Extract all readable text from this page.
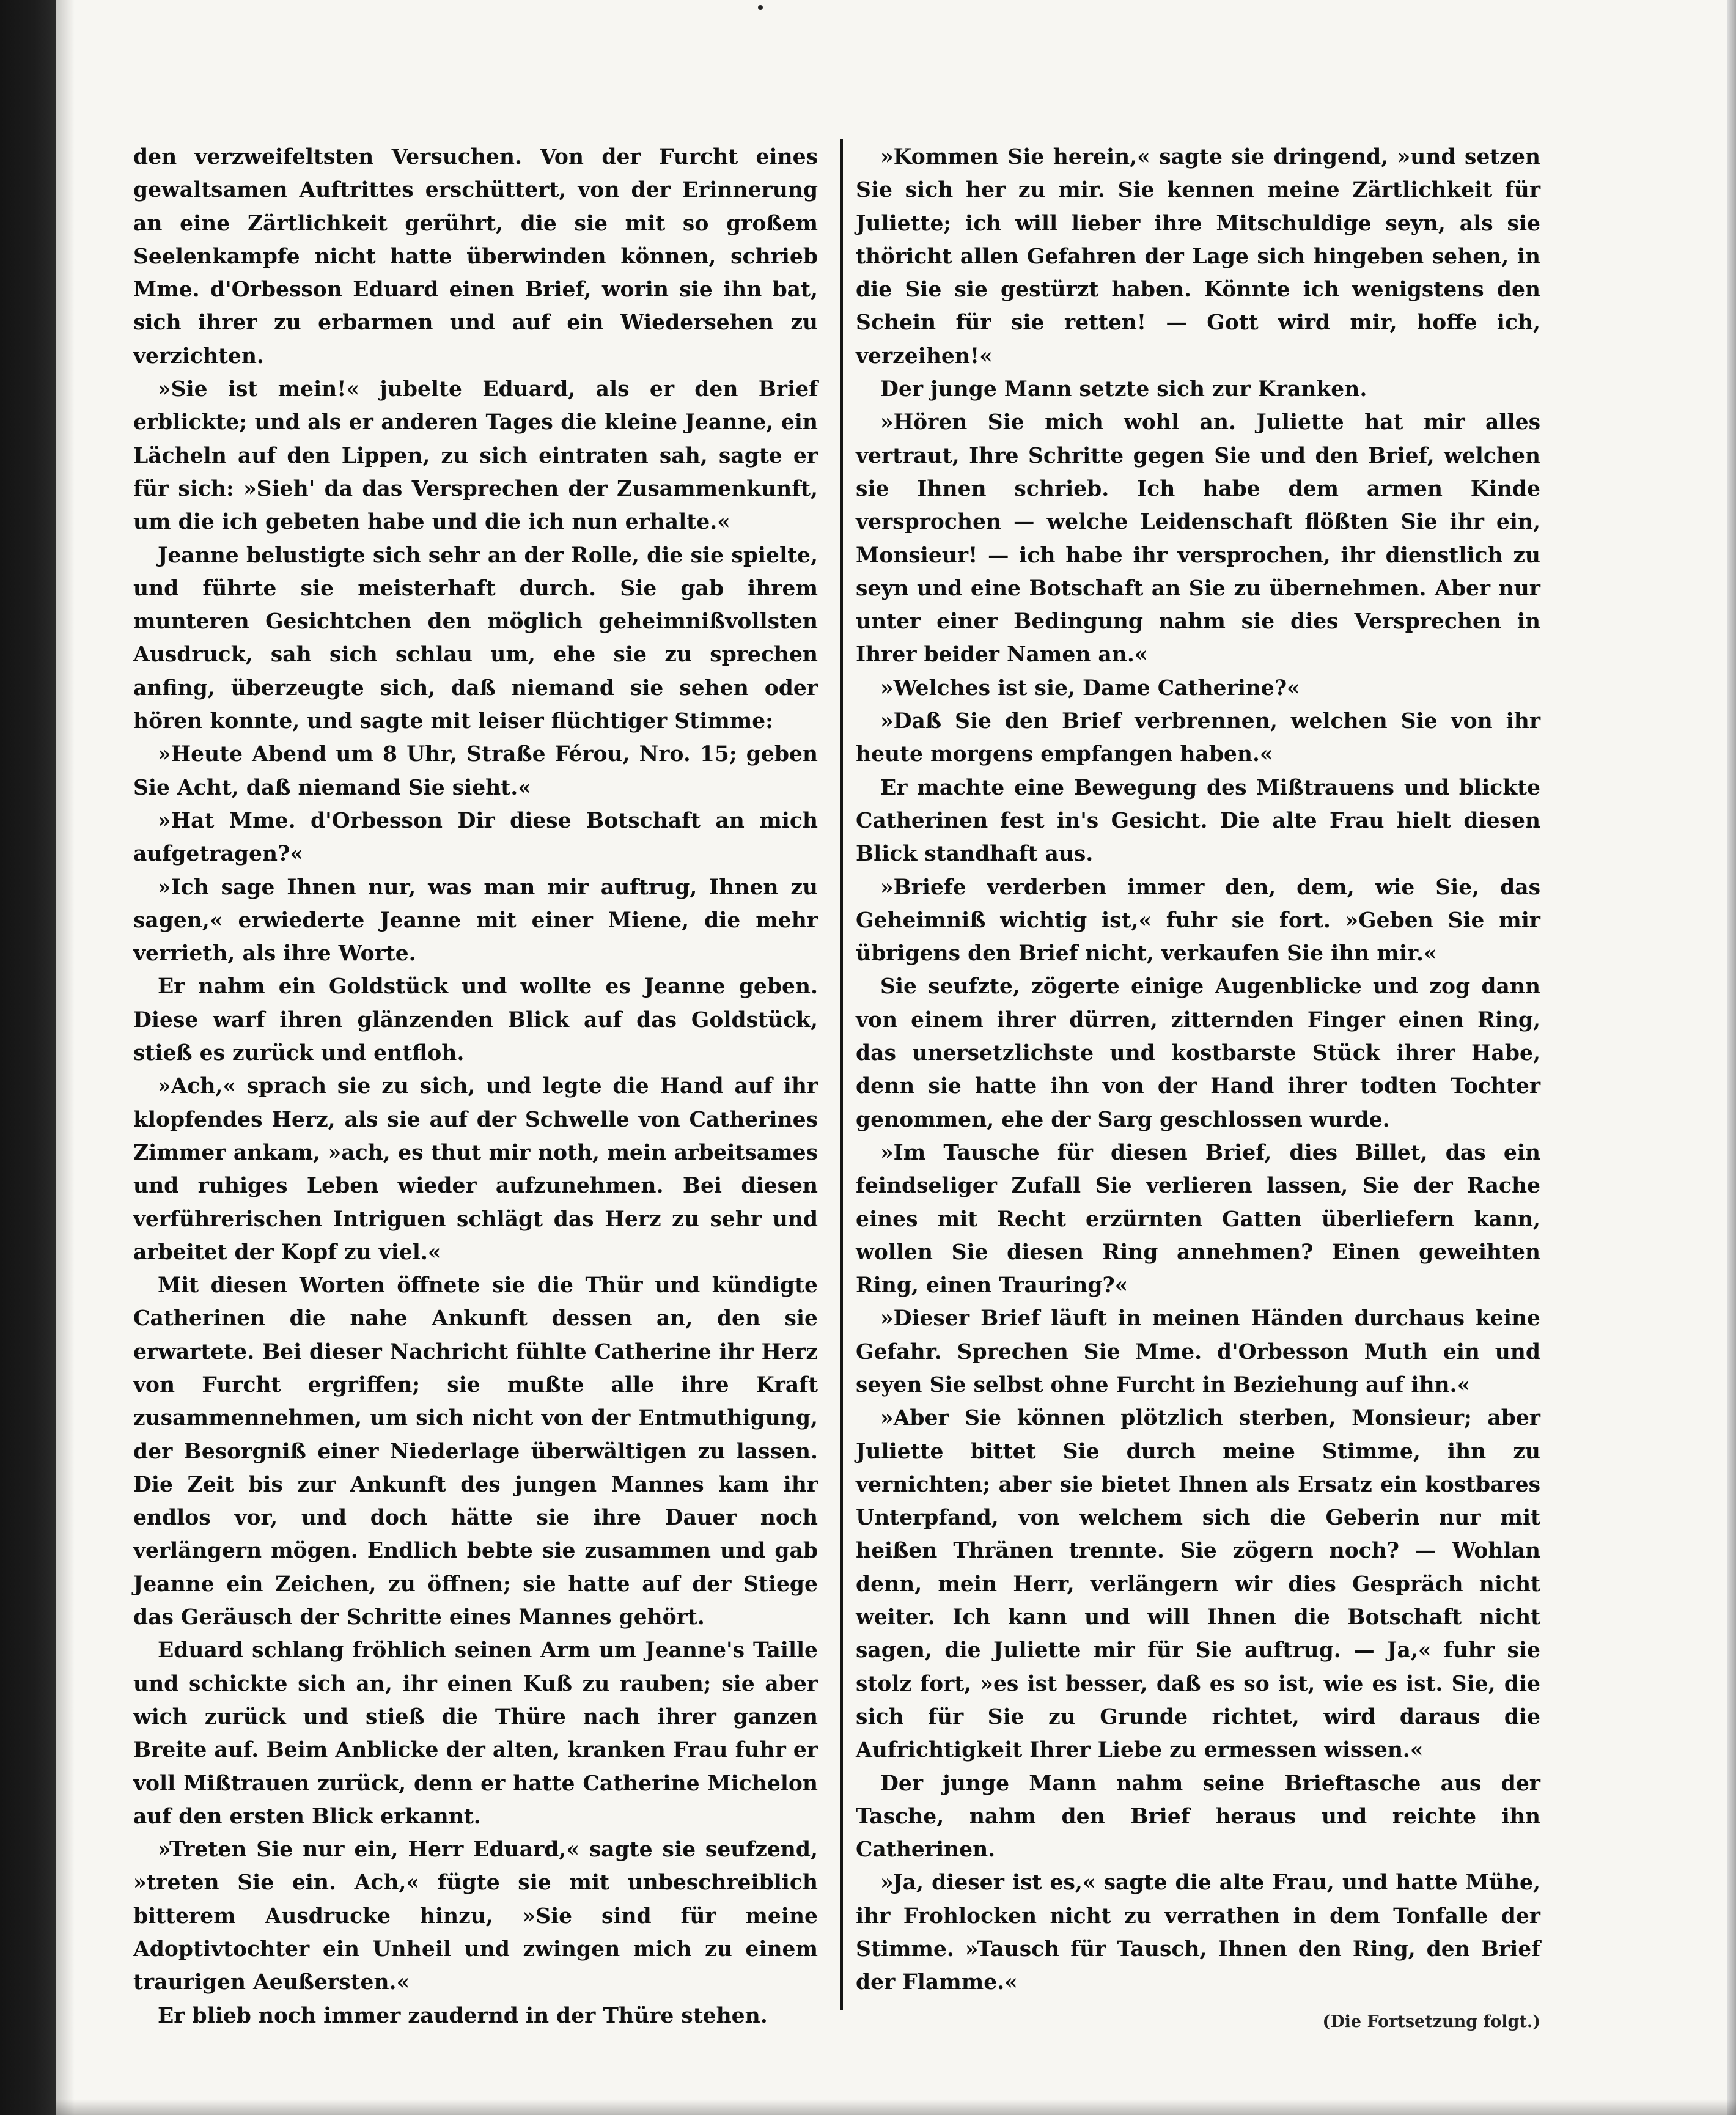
den verzweifeltsten Versuchen. Von der Furcht eines gewaltsamen Auftrittes erschüttert, von der Erinnerung an eine Zärtlichkeit gerührt, die sie mit so großem Seelenkampfe nicht hatte überwinden können, schrieb Mme. d'Orbesson Eduard einen Brief, worin sie ihn bat, sich ihrer zu erbarmen und auf ein Wiedersehen zu verzichten.

»Sie ist mein!« jubelte Eduard, als er den Brief erblickte; und als er anderen Tages die kleine Jeanne, ein Lächeln auf den Lippen, zu sich eintraten sah, sagte er für sich: »Sieh' da das Versprechen der Zusammenkunft, um die ich gebeten habe und die ich nun erhalte.«

Jeanne belustigte sich sehr an der Rolle, die sie spielte, und führte sie meisterhaft durch. Sie gab ihrem munteren Gesichtchen den möglich geheimnißvollsten Ausdruck, sah sich schlau um, ehe sie zu sprechen anfing, überzeugte sich, daß niemand sie sehen oder hören konnte, und sagte mit leiser flüchtiger Stimme:

»Heute Abend um 8 Uhr, Straße Férou, Nro. 15; geben Sie Acht, daß niemand Sie sieht.«

»Hat Mme. d'Orbesson Dir diese Botschaft an mich aufgetragen?«

»Ich sage Ihnen nur, was man mir auftrug, Ihnen zu sagen,« erwiederte Jeanne mit einer Miene, die mehr verrieth, als ihre Worte.

Er nahm ein Goldstück und wollte es Jeanne geben. Diese warf ihren glänzenden Blick auf das Goldstück, stieß es zurück und entfloh.

»Ach,« sprach sie zu sich, und legte die Hand auf ihr klopfendes Herz, als sie auf der Schwelle von Catherines Zimmer ankam, »ach, es thut mir noth, mein arbeitsames und ruhiges Leben wieder aufzunehmen. Bei diesen verführerischen Intriguen schlägt das Herz zu sehr und arbeitet der Kopf zu viel.«

Mit diesen Worten öffnete sie die Thür und kündigte Catherinen die nahe Ankunft dessen an, den sie erwartete. Bei dieser Nachricht fühlte Catherine ihr Herz von Furcht ergriffen; sie mußte alle ihre Kraft zusammennehmen, um sich nicht von der Entmuthigung, der Besorgniß einer Niederlage überwältigen zu lassen. Die Zeit bis zur Ankunft des jungen Mannes kam ihr endlos vor, und doch hätte sie ihre Dauer noch verlängern mögen. Endlich bebte sie zusammen und gab Jeanne ein Zeichen, zu öffnen; sie hatte auf der Stiege das Geräusch der Schritte eines Mannes gehört.

Eduard schlang fröhlich seinen Arm um Jeanne's Taille und schickte sich an, ihr einen Kuß zu rauben; sie aber wich zurück und stieß die Thüre nach ihrer ganzen Breite auf. Beim Anblicke der alten, kranken Frau fuhr er voll Mißtrauen zurück, denn er hatte Catherine Michelon auf den ersten Blick erkannt.

»Treten Sie nur ein, Herr Eduard,« sagte sie seufzend, »treten Sie ein. Ach,« fügte sie mit unbeschreiblich bitterem Ausdrucke hinzu, »Sie sind für meine Adoptivtochter ein Unheil und zwingen mich zu einem traurigen Aeußersten.«

Er blieb noch immer zaudernd in der Thüre stehen.

»Kommen Sie herein,« sagte sie dringend, »und setzen Sie sich her zu mir. Sie kennen meine Zärtlichkeit für Juliette; ich will lieber ihre Mitschuldige seyn, als sie thöricht allen Gefahren der Lage sich hingeben sehen, in die Sie sie gestürzt haben. Könnte ich wenigstens den Schein für sie retten! — Gott wird mir, hoffe ich, verzeihen!«

Der junge Mann setzte sich zur Kranken.

»Hören Sie mich wohl an. Juliette hat mir alles vertraut, Ihre Schritte gegen Sie und den Brief, welchen sie Ihnen schrieb. Ich habe dem armen Kinde versprochen — welche Leidenschaft flößten Sie ihr ein, Monsieur! — ich habe ihr versprochen, ihr dienstlich zu seyn und eine Botschaft an Sie zu übernehmen. Aber nur unter einer Bedingung nahm sie dies Versprechen in Ihrer beider Namen an.«

»Welches ist sie, Dame Catherine?«

»Daß Sie den Brief verbrennen, welchen Sie von ihr heute morgens empfangen haben.«

Er machte eine Bewegung des Mißtrauens und blickte Catherinen fest in's Gesicht. Die alte Frau hielt diesen Blick standhaft aus.

»Briefe verderben immer den, dem, wie Sie, das Geheimniß wichtig ist,« fuhr sie fort. »Geben Sie mir übrigens den Brief nicht, verkaufen Sie ihn mir.«

Sie seufzte, zögerte einige Augenblicke und zog dann von einem ihrer dürren, zitternden Finger einen Ring, das unersetzlichste und kostbarste Stück ihrer Habe, denn sie hatte ihn von der Hand ihrer todten Tochter genommen, ehe der Sarg geschlossen wurde.

»Im Tausche für diesen Brief, dies Billet, das ein feindseliger Zufall Sie verlieren lassen, Sie der Rache eines mit Recht erzürnten Gatten überliefern kann, wollen Sie diesen Ring annehmen? Einen geweihten Ring, einen Trauring?«

»Dieser Brief läuft in meinen Händen durchaus keine Gefahr. Sprechen Sie Mme. d'Orbesson Muth ein und seyen Sie selbst ohne Furcht in Beziehung auf ihn.«

»Aber Sie können plötzlich sterben, Monsieur; aber Juliette bittet Sie durch meine Stimme, ihn zu vernichten; aber sie bietet Ihnen als Ersatz ein kostbares Unterpfand, von welchem sich die Geberin nur mit heißen Thränen trennte. Sie zögern noch? — Wohlan denn, mein Herr, verlängern wir dies Gespräch nicht weiter. Ich kann und will Ihnen die Botschaft nicht sagen, die Juliette mir für Sie auftrug. — Ja,« fuhr sie stolz fort, »es ist besser, daß es so ist, wie es ist. Sie, die sich für Sie zu Grunde richtet, wird daraus die Aufrichtigkeit Ihrer Liebe zu ermessen wissen.«

Der junge Mann nahm seine Brieftasche aus der Tasche, nahm den Brief heraus und reichte ihn Catherinen.

»Ja, dieser ist es,« sagte die alte Frau, und hatte Mühe, ihr Frohlocken nicht zu verrathen in dem Tonfalle der Stimme. »Tausch für Tausch, Ihnen den Ring, den Brief der Flamme.«

(Die Fortsetzung folgt.)
